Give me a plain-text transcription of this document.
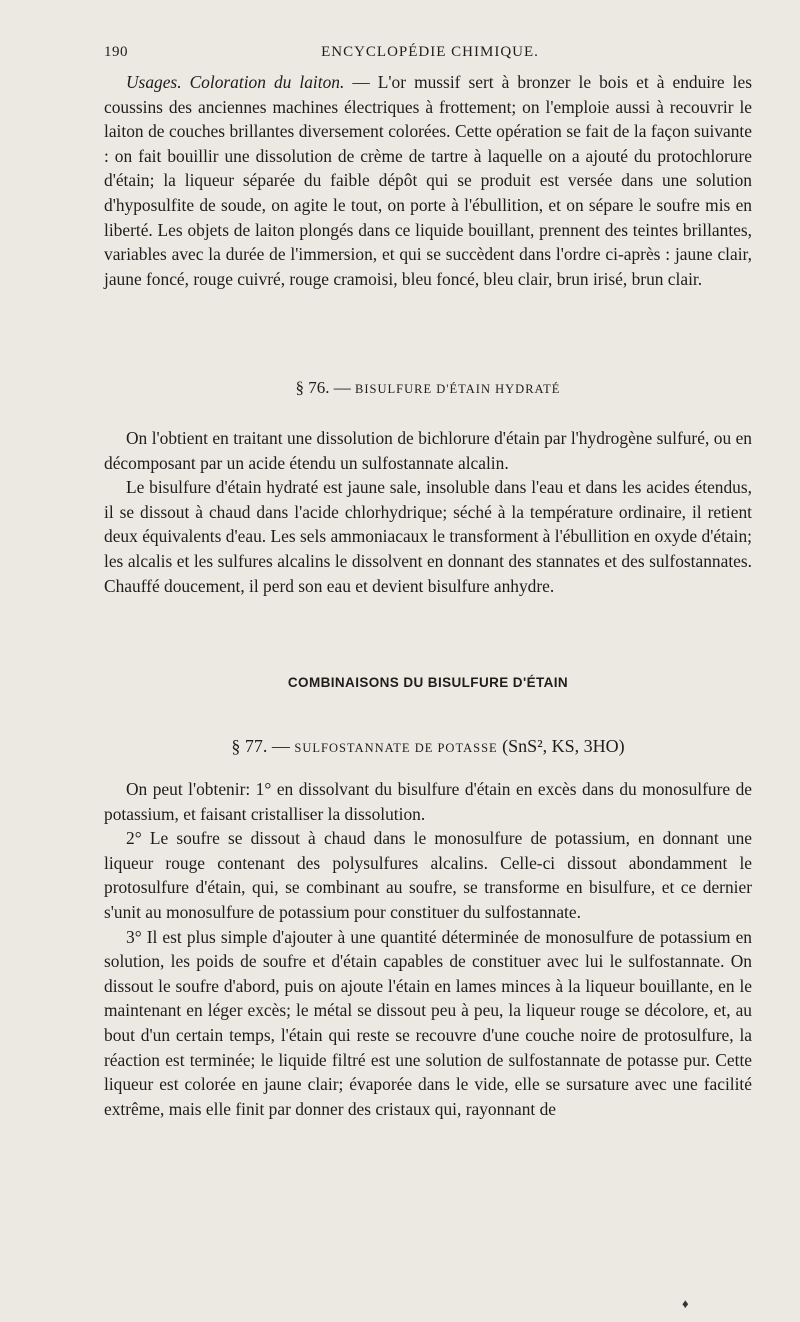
190	ENCYCLOPÉDIE CHIMIQUE.

Usages. Coloration du laiton. — L'or mussif sert à bronzer le bois et à enduire les coussins des anciennes machines électriques à frottement; on l'emploie aussi à recouvrir le laiton de couches brillantes diversement colorées. Cette opération se fait de la façon suivante : on fait bouillir une dissolution de crème de tartre à laquelle on a ajouté du protochlorure d'étain; la liqueur séparée du faible dépôt qui se produit est versée dans une solution d'hyposulfite de soude, on agite le tout, on porte à l'ébullition, et on sépare le soufre mis en liberté. Les objets de laiton plongés dans ce liquide bouillant, prennent des teintes brillantes, variables avec la durée de l'immersion, et qui se succèdent dans l'ordre ci-après : jaune clair, jaune foncé, rouge cuivré, rouge cramoisi, bleu foncé, bleu clair, brun irisé, brun clair.

§ 76. — BISULFURE D'ÉTAIN HYDRATÉ

On l'obtient en traitant une dissolution de bichlorure d'étain par l'hydrogène sulfuré, ou en décomposant par un acide étendu un sulfostannate alcalin.

Le bisulfure d'étain hydraté est jaune sale, insoluble dans l'eau et dans les acides étendus, il se dissout à chaud dans l'acide chlorhydrique; séché à la température ordinaire, il retient deux équivalents d'eau. Les sels ammoniacaux le transforment à l'ébullition en oxyde d'étain; les alcalis et les sulfures alcalins le dissolvent en donnant des stannates et des sulfostannates. Chauffé doucement, il perd son eau et devient bisulfure anhydre.

COMBINAISONS DU BISULFURE D'ÉTAIN
§ 77. — SULFOSTANNATE DE POTASSE (SnS², KS, 3HO)

On peut l'obtenir: 1° en dissolvant du bisulfure d'étain en excès dans du monosulfure de potassium, et faisant cristalliser la dissolution.

2° Le soufre se dissout à chaud dans le monosulfure de potassium, en donnant une liqueur rouge contenant des polysulfures alcalins. Celle-ci dissout abondamment le protosulfure d'étain, qui, se combinant au soufre, se transforme en bisulfure, et ce dernier s'unit au monosulfure de potassium pour constituer du sulfostannate.

3° Il est plus simple d'ajouter à une quantité déterminée de monosulfure de potassium en solution, les poids de soufre et d'étain capables de constituer avec lui le sulfostannate. On dissout le soufre d'abord, puis on ajoute l'étain en lames minces à la liqueur bouillante, en le maintenant en léger excès; le métal se dissout peu à peu, la liqueur rouge se décolore, et, au bout d'un certain temps, l'étain qui reste se recouvre d'une couche noire de protosulfure, la réaction est terminée; le liquide filtré est une solution de sulfostannate de potasse pur. Cette liqueur est colorée en jaune clair; évaporée dans le vide, elle se sursature avec une facilité extrême, mais elle finit par donner des cristaux qui, rayonnant de

♦
